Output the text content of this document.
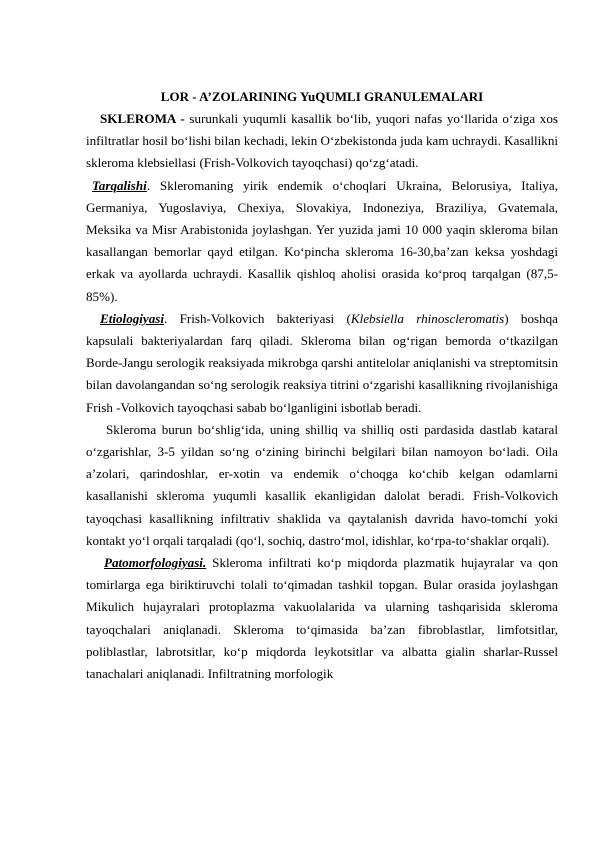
LOR - A’ZOLARINING YuQUMLI GRANULEMALARI

SKLEROMA - surunkali yuqumli kasallik bo‘lib, yuqori nafas yo‘llarida o‘ziga xos infiltratlar hosil bo‘lishi bilan kechadi, lekin O‘zbekistonda juda kam uchraydi. Kasallikni skleroma klebsiellasi (Frish-Volkovich tayoqchasi) qo‘zg‘atadi.

Tarqalishi. Skleromaning yirik endemik o‘choqlari Ukraina, Belorusiya, Italiya, Germaniya, Yugoslaviya, Chexiya, Slovakiya, Indoneziya, Braziliya, Gvatemala, Meksika va Misr Arabistonida joylashgan. Yer yuzida jami 10 000 yaqin skleroma bilan kasallangan bemorlar qayd etilgan. Ko‘pincha skleroma 16-30,ba’zan keksa yoshdagi erkak va ayollarda uchraydi. Kasallik qishloq aholisi orasida ko‘proq tarqalgan (87,5-85%).

Etiologiyasi. Frish-Volkovich bakteriyasi (Klebsiella rhinoscleromatis) boshqa kapsulali bakteriyalardan farq qiladi. Skleroma bilan og‘rigan bemorda o‘tkazilgan Borde-Jangu serologik reaksiyada mikrobga qarshi antitelolar aniqlanishi va streptomitsin bilan davolangandan so‘ng serologik reaksiya titrini o‘zgarishi kasallikning rivojlanishiga Frish -Volkovich tayoqchasi sabab bo‘lganligini isbotlab beradi.

Skleroma burun bo‘shlig‘ida, uning shilliq va shilliq osti pardasida dastlab kataral o‘zgarishlar, 3-5 yildan so‘ng o‘zining birinchi belgilari bilan namoyon bo‘ladi. Oila a’zolari, qarindoshlar, er-xotin va endemik o‘choqga ko‘chib kelgan odamlarni kasallanishi skleroma yuqumli kasallik ekanligidan dalolat beradi. Frish-Volkovich tayoqchasi kasallikning infiltrativ shaklida va qaytalanish davrida havo-tomchi yoki kontakt yo‘l orqali tarqaladi (qo‘l, sochiq, dastro‘mol, idishlar, ko‘rpa-to‘shaklar orqali).

Patomorfologiyasi. Skleroma infiltrati ko‘p miqdorda plazmatik hujayralar va qon tomirlarga ega biriktiruvchi tolali to‘qimadan tashkil topgan. Bular orasida joylashgan Mikulich hujayralari protoplazma vakuolalarida va ularning tashqarisida skleroma tayoqchalari aniqlanadi. Skleroma to‘qimasida ba’zan fibroblastlar, limfotsitlar, poliblastlar, labrotsitlar, ko‘p miqdorda leykotsitlar va albatta gialin sharlar-Russel tanachalari aniqlanadi. Infiltratning morfologik
